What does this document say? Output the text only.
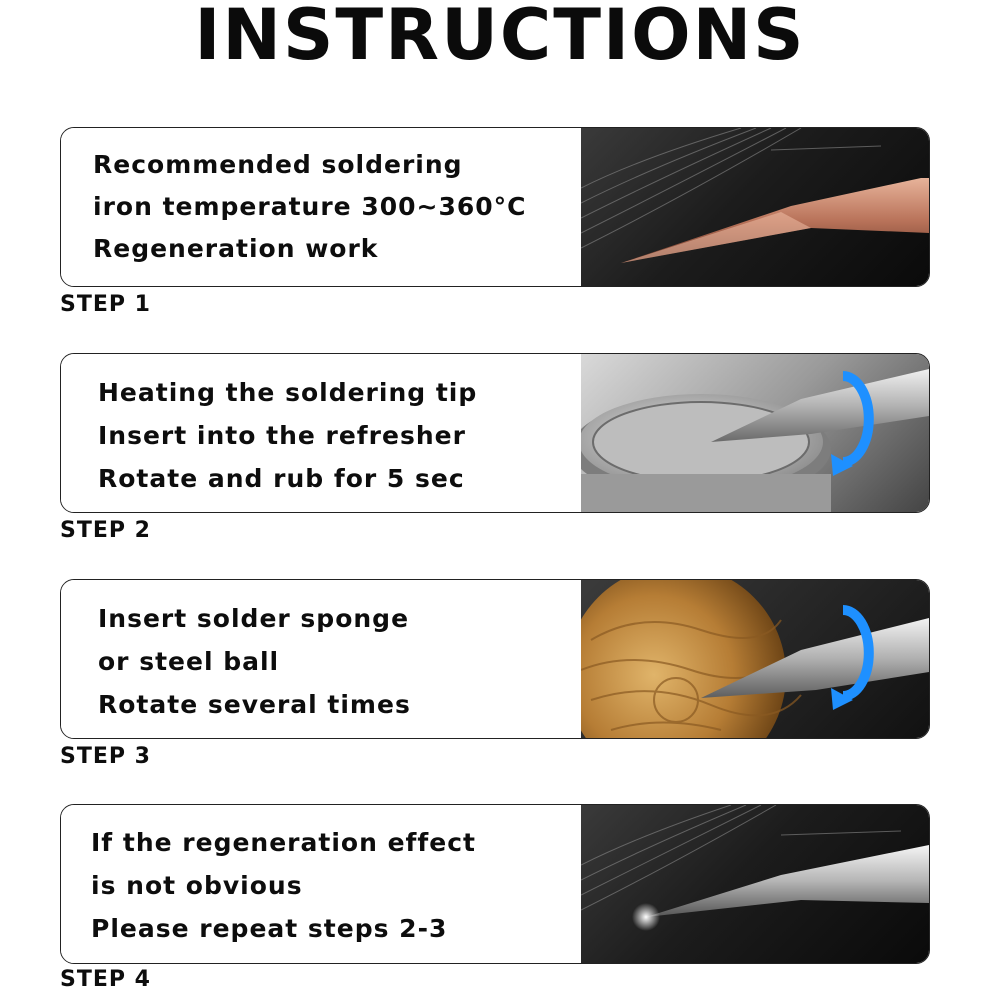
INSTRUCTIONS
Recommended soldering
iron temperature 300~360°C
Regeneration work
STEP 1
Heating the soldering tip
Insert into the refresher
Rotate and rub for 5 sec
STEP 2
Insert solder sponge
or steel ball
Rotate several times
STEP 3
If the regeneration effect
is not obvious
Please repeat steps 2-3
STEP 4
